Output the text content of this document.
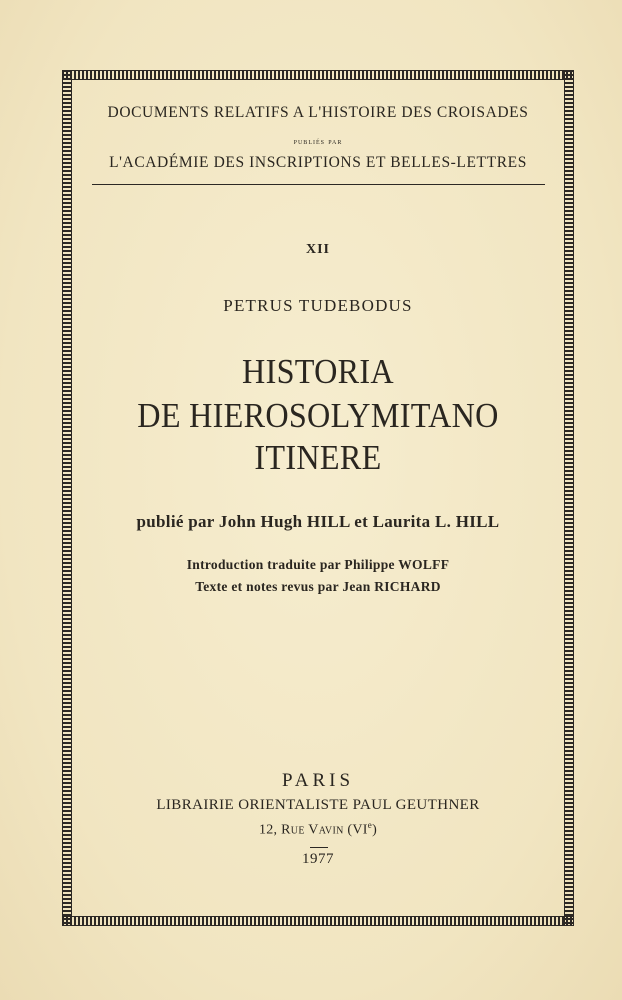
DOCUMENTS RELATIFS A L'HISTOIRE DES CROISADES
publiés par
L'ACADÉMIE DES INSCRIPTIONS ET BELLES-LETTRES
XII
PETRUS TUDEBODUS
HISTORIA
DE HIEROSOLYMITANO
ITINERE
publié par John Hugh HILL et Laurita L. HILL
Introduction traduite par Philippe WOLFF
Texte et notes revus par Jean RICHARD
PARIS
LIBRAIRIE ORIENTALISTE PAUL GEUTHNER
12, Rue Vavin (VIe)
1977
